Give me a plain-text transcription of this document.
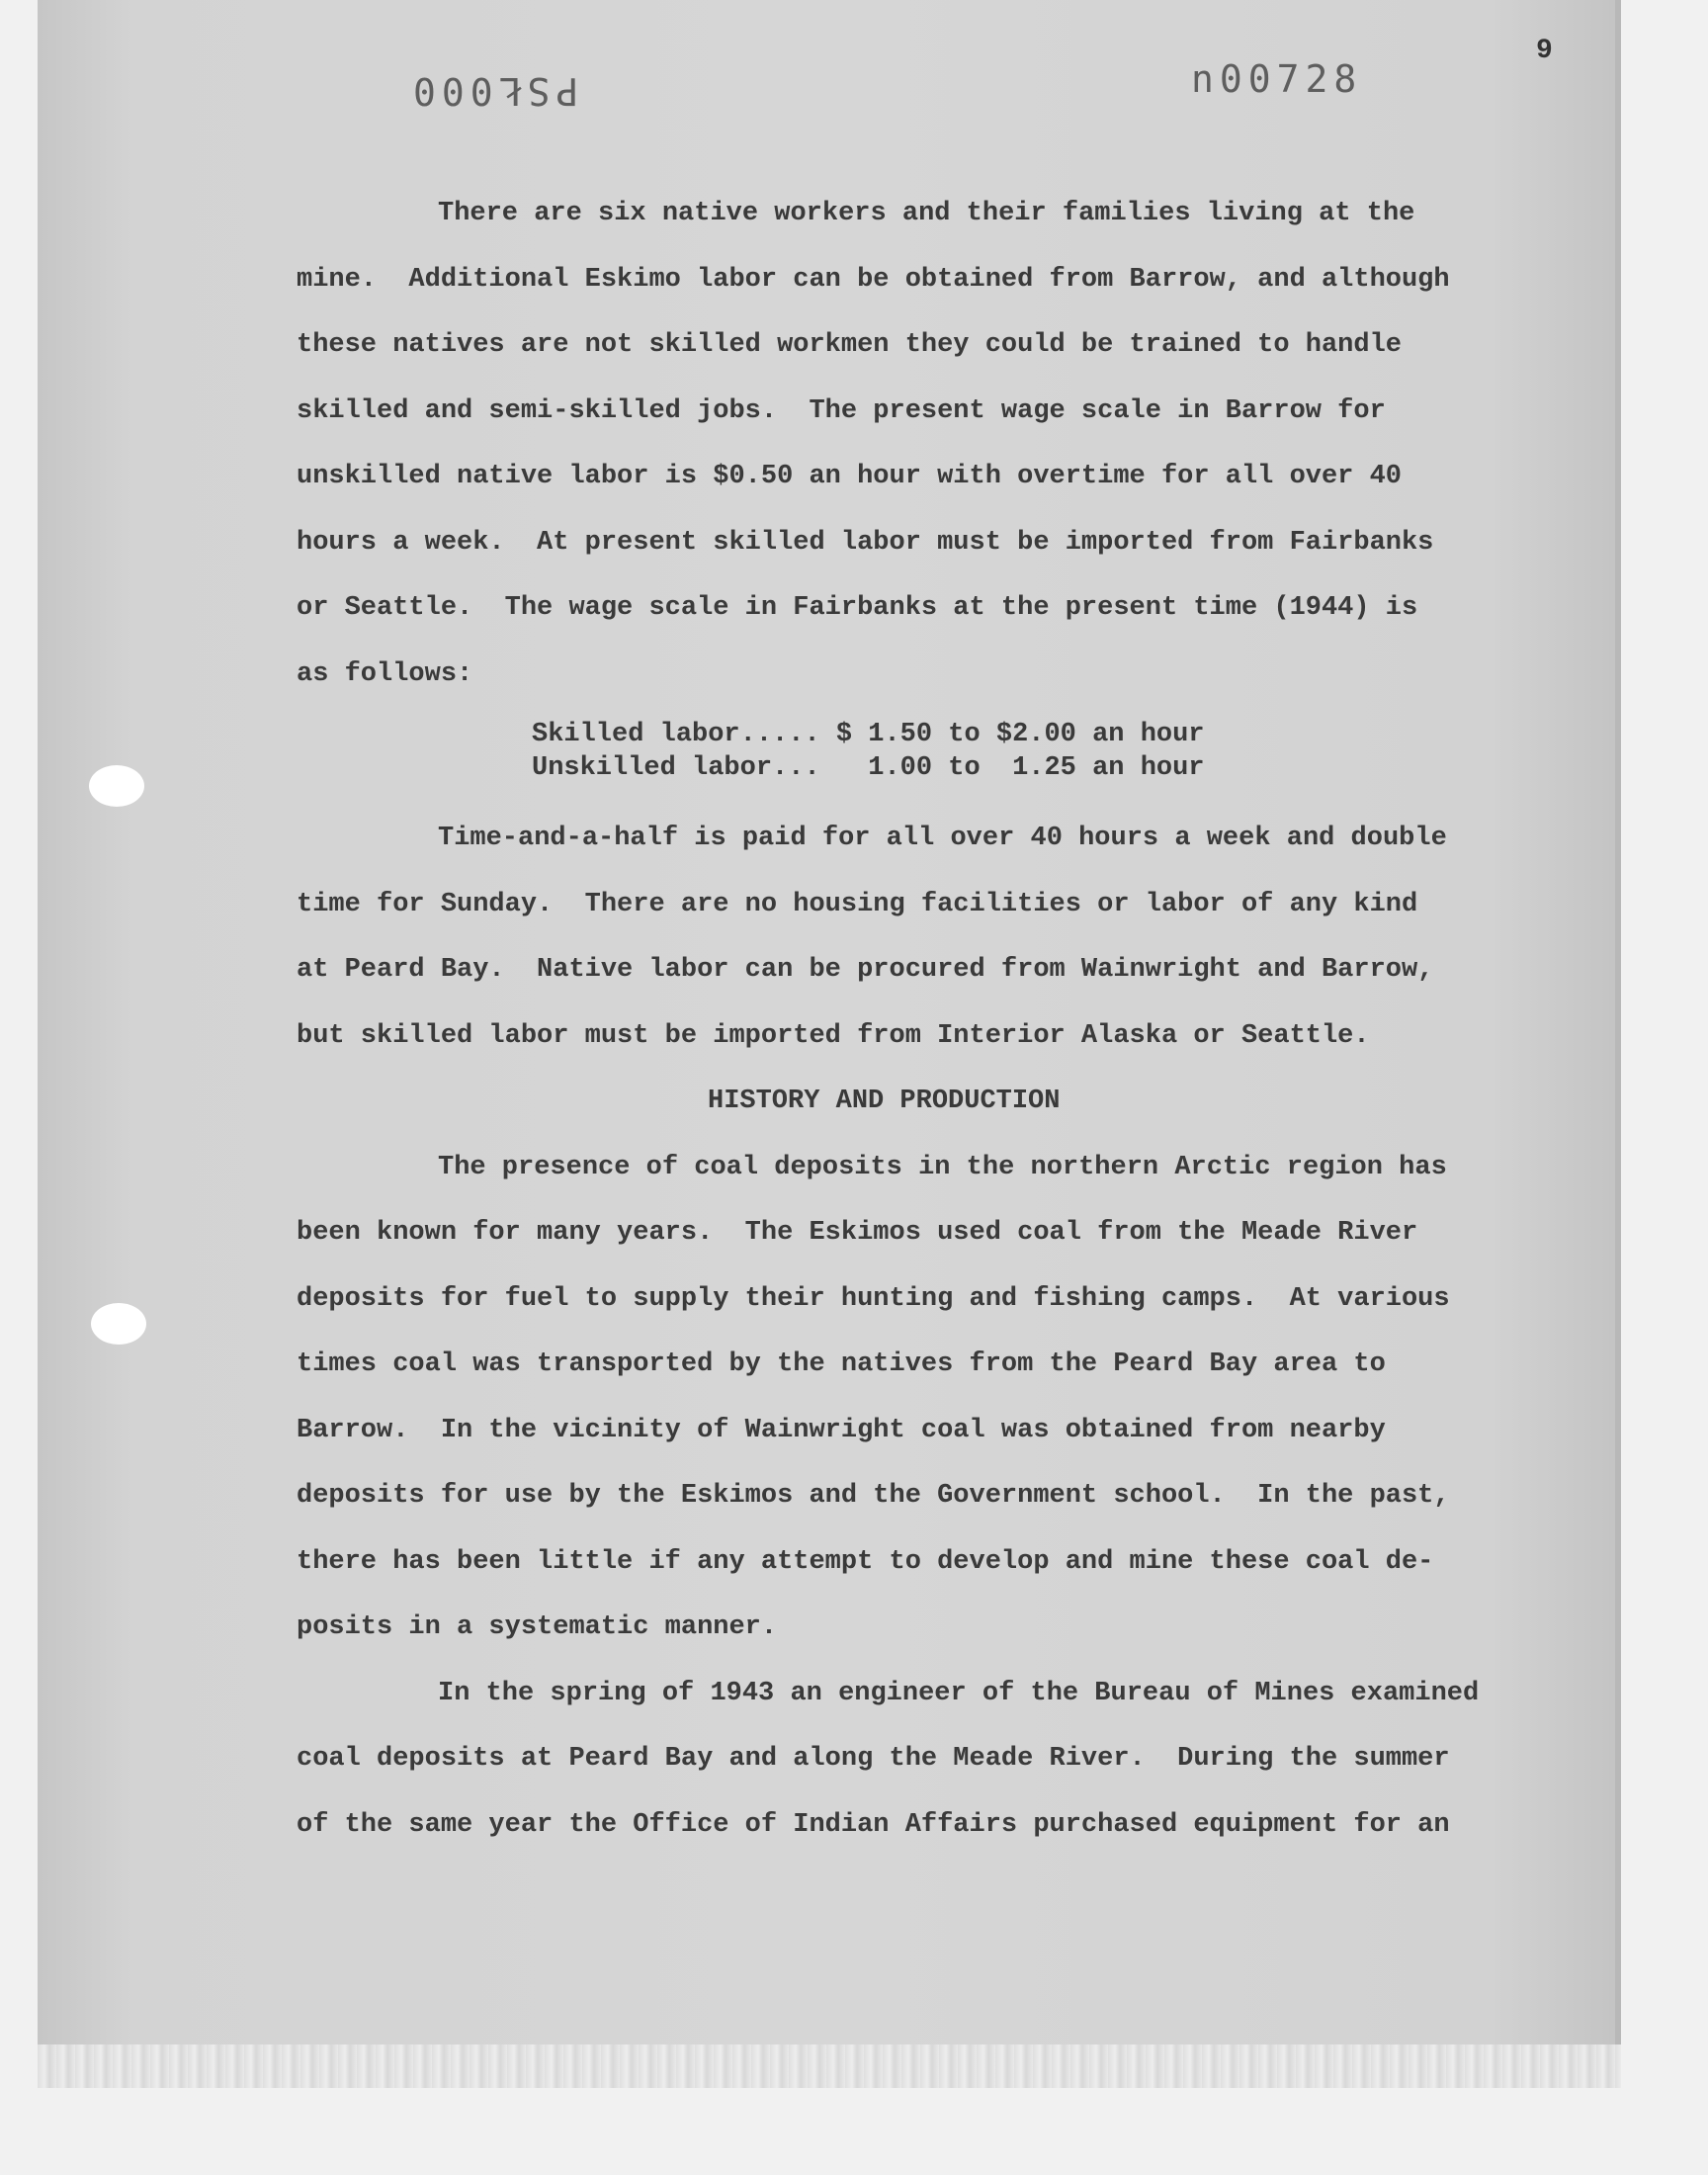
PSŁ000	n00728
9
There are six native workers and their families living at the
mine.  Additional Eskimo labor can be obtained from Barrow, and although
these natives are not skilled workmen they could be trained to handle
skilled and semi-skilled jobs.  The present wage scale in Barrow for
unskilled native labor is $0.50 an hour with overtime for all over 40
hours a week.  At present skilled labor must be imported from Fairbanks
or Seattle.  The wage scale in Fairbanks at the present time (1944) is
as follows:
Skilled labor..... $ 1.50 to $2.00 an hour
Unskilled labor...   1.00 to  1.25 an hour
Time-and-a-half is paid for all over 40 hours a week and double
time for Sunday.  There are no housing facilities or labor of any kind
at Peard Bay.  Native labor can be procured from Wainwright and Barrow,
but skilled labor must be imported from Interior Alaska or Seattle.
HISTORY AND PRODUCTION
The presence of coal deposits in the northern Arctic region has
been known for many years.  The Eskimos used coal from the Meade River
deposits for fuel to supply their hunting and fishing camps.  At various
times coal was transported by the natives from the Peard Bay area to
Barrow.  In the vicinity of Wainwright coal was obtained from nearby
deposits for use by the Eskimos and the Government school.  In the past,
there has been little if any attempt to develop and mine these coal de-
posits in a systematic manner.
In the spring of 1943 an engineer of the Bureau of Mines examined
coal deposits at Peard Bay and along the Meade River.  During the summer
of the same year the Office of Indian Affairs purchased equipment for an
